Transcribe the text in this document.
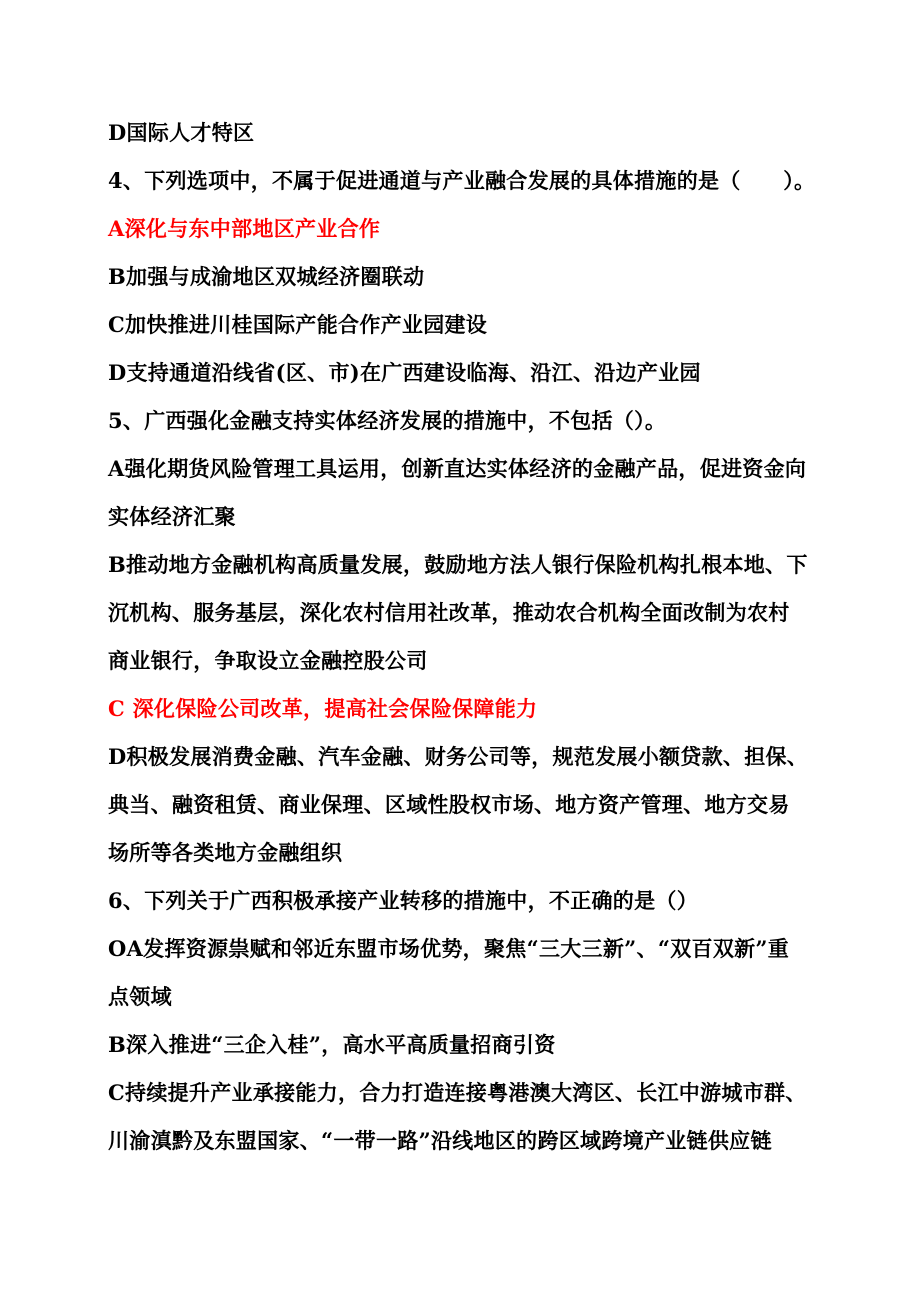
D国际人才特区
4、下列选项中，不属于促进通道与产业融合发展的具体措施的是（　　）。
A深化与东中部地区产业合作
B加强与成渝地区双城经济圈联动
C加快推进川桂国际产能合作产业园建设
D支持通道沿线省(区、市)在广西建设临海、沿江、沿边产业园
5、广西强化金融支持实体经济发展的措施中，不包括（）。
A强化期货风险管理工具运用，创新直达实体经济的金融产品，促进资金向
实体经济汇聚
B推动地方金融机构高质量发展，鼓励地方法人银行保险机构扎根本地、下
沉机构、服务基层，深化农村信用社改革，推动农合机构全面改制为农村
商业银行，争取设立金融控股公司
C 深化保险公司改革，提高社会保险保障能力
D积极发展消费金融、汽车金融、财务公司等，规范发展小额贷款、担保、
典当、融资租赁、商业保理、区域性股权市场、地方资产管理、地方交易
场所等各类地方金融组织
6、下列关于广西积极承接产业转移的措施中，不正确的是（）
OA发挥资源祟赋和邻近东盟市场优势，聚焦“三大三新”、“双百双新”重
点领域
B深入推进“三企入桂”，高水平高质量招商引资
C持续提升产业承接能力，合力打造连接粤港澳大湾区、长江中游城市群、
川渝滇黔及东盟国家、“一带一路”沿线地区的跨区域跨境产业链供应链
